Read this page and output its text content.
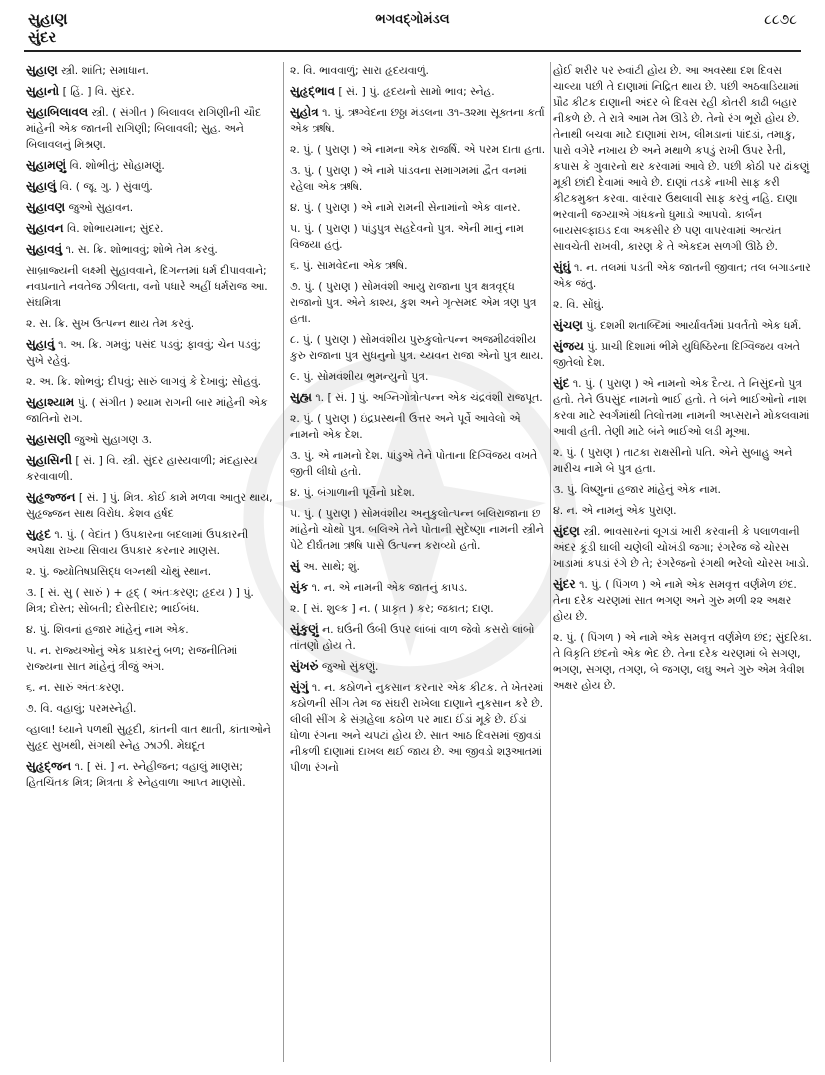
સુહાણ
સુંદર
ભગવદ્ગોમંડલ	૮૮૭૮

સુહાણ સ્ત્રી. શાંતિ; સમાધાન.

સુહાનો [ હિં. ] વિ. સુંદર.

સુહાબિલાવલ સ્ત્રી. ( સંગીત ) બિલાવલ રાગિણીની ચૌદ માંહેની એક જાતની રાગિણી; બિલાવલી; સુહ. અને બિલાવલનું મિશ્રણ.

સુહામણું વિ. શોભીતું; સોહામણું.

સુહાલું વિ. ( જૂ. ગુ. ) સુંવાળું.

સુહાવણ જુઓ સુહાવન.

સુહાવન વિ. શોભાયમાન; સુંદર.

સુહાવવું ૧. સ. ક્રિ. શોભાવવું; શોભે તેમ કરવું.

સાબ્રાજ્યની લક્ષ્મી સુહાવવાને, દિગન્તમાં ધર્મ દીપાવવાને; નવપ્રનાતે નવતેજ ઝીલતા, વનો પધારે અહીં ધર્મરાજ આ. સંઘમિત્રા

૨. સ. ક્રિ. સુખ ઉત્પન્ન થાય તેમ કરવું.

સુહાવું ૧. અ. ક્રિ. ગમવું; પસંદ પડવું; ફાવવું; ચેન પડવું; સુખે રહેવું.

૨. અ. ક્રિ. શોભવું; દીપવું; સારું લાગવું કે દેખાવું; સોહવું.

સુહાશ્યામ પું. ( સંગીત ) શ્યામ રાગની બાર માંહેની એક જાતિનો રાગ.

સુહાસણી જુઓ સુહાગણ ૩.

સુહાસિની [ સં. ] વિ. સ્ત્રી. સુંદર હાસ્યવાળી; મંદહાસ્ય કરવાવાળી.

સુહૃજ્જન [ સં. ] પું. મિત્ર. કોઈ કામે મળવા આતુર થાય, સુહૃજ્જન સાથ વિરોધ. કેશવ હર્ષદ

સુહૃદ ૧. પું. ( વેદાંત ) ઉપકારના બદલામાં ઉપકારની અપેક્ષા રાખ્યા સિવાય ઉપકાર કરનાર માણસ.

૨. પું. જ્યોતિષપ્રસિદ્ધ લગ્નથી ચોથું સ્થાન.

૩. [ સં. સુ ( સારું ) + હૃદ્ ( અંતઃકરણ; હૃદય ) ] પું. મિત્ર; દોસ્ત; સોબતી; દોસ્તીદાર; ભાઈબંધ.

૪. પું. શિવનાં હજાર માંહેનું નામ એક.

૫. ન. રાજ્યઓનું એક પ્રકારનું બળ; રાજનીતિમાં રાજ્યના સાત માંહેનું ત્રીજું અંગ.

૬. ન. સારું અંતઃકરણ.

૭. વિ. વહાલું; પરમસ્નેહી.

વ્હાલા! ધ્યાને પળથી સુહૃદી, કાંતની વાત થાતી, કાંતાઓને સુહૃદ સુખથી, સંગથી સ્નેહ ઝાઝી. મેઘદૂત

સુહૃદ્જન ૧. [ સં. ] ન. સ્નેહીજન; વહાલું માણસ; હિતચિંતક મિત્ર; મિત્રતા કે સ્નેહવાળા આપ્ત માણસો.

૨. વિ. ભાવવાળું; સારા હૃદયવાળું.

સુહૃદ્ભાવ [ સં. ] પું. હૃદયનો સામો ભાવ; સ્નેહ.

સુહોત્ર ૧. પું. ઋગ્વેદના છઠ્ઠા મંડલના ૩૧-૩૨મા સૂક્તના કર્તા એક ઋષિ.

૨. પું. ( પુરાણ ) એ નામના એક રાજર્ષિ. એ પરમ દાતા હતા.

૩. પું. ( પુરાણ ) એ નામે પાંડવના સમાગમમાં દ્વૈત વનમાં રહેલા એક ઋષિ.

૪. પું. ( પુરાણ ) એ નામે રામની સેનામાંનો એક વાનર.

૫. પું. ( પુરાણ ) પાંડુપુત્ર સહદેવનો પુત્ર. એની માનું નામ વિજયા હતું.

૬. પું. સામવેદના એક ઋષિ.

૭. પું. ( પુરાણ ) સોમવંશી આયુ રાજાના પુત્ર ક્ષત્રવૃદ્ધ રાજાનો પુત્ર. એને કાશ્ય, કુશ અને ગૃત્સમદ એમ ત્રણ પુત્ર હતા.

૮. પું. ( પુરાણ ) સોમવંશીય પુરુકુલોત્પન્ન અજમીઢવંશીય કુરુ રાજાના પુત્ર સુધનુનો પુત્ર. ચ્યવન રાજા એનો પુત્ર થાય.

૯. પું. સોમવંશીય ભુમન્યુનો પુત્ર.

સુહ્મ ૧. [ સં. ] પું. અગ્નિગોત્રોત્પન્ન એક ચંદ્રવંશી રાજપૂત.

૨. પું. ( પુરાણ ) ઇંદ્રપ્રસ્થની ઉત્તર અને પૂર્વે આવેલો એ નામનો એક દેશ.

૩. પું. એ નામનો દેશ. પાંડુએ તેને પોતાના દિગ્વિજય વખતે જીતી લીધો હતો.

૪. પું. બંગાળાની પૂર્વેનો પ્રદેશ.

૫. પું. ( પુરાણ ) સોમવંશીય અનુકુલોત્પન્ન બલિરાજાના છ માંહેનો ચોથો પુત્ર. બલિએ તેને પોતાની સુદેષ્ણા નામની સ્ત્રીને પેટે દીર્ઘતમા ઋષિ પાસે ઉત્પન્ન કરાવ્યો હતો.

સું અ. સાથે; શું.

સુંક ૧. ન. એ નામની એક જાતનું કાપડ.

૨. [ સં. શુલ્ક ] ન. ( પ્રાકૃત ) કર; જકાત; દાણ.

સુંકુણું ન. ઘઉંની ઉંબી ઉપર લાંબાં વાળ જેવો કસરો લાંબો તાંતણો હોય તે.

સુંખરું જુઓ સુંકણું.

સુંગું ૧. ન. કઠોળને નુકસાન કરનાર એક કીટક. તે ખેતરમાં કઠોળની સીંગ તેમ જ સંઘરી રાખેલા દાણાને નુકસાન કરે છે. લીલી સીંગ કે સંગ્રહેલા કઠોળ પર માદા ઈંડાં મૂકે છે. ઈંડાં ધોળા રંગના અને ચપટાં હોય છે. સાત આઠ દિવસમાં જીવડાં નીકળી દાણામાં દાખલ થઈ જાય છે. આ જીવડો શરૂઆતમાં પીળા રંગનો

હોઈ શરીર પર રુવાંટી હોય છે. આ અવસ્થા દશ દિવસ ચાલ્યા પછી તે દાણામાં નિદ્રિત થાય છે. પછી અઠવાડિયામાં પ્રૌઢ કીટક દાણાની અંદર બે દિવસ રહી કોતરી કાઢી બહાર નીકળે છે. તે રાત્રે આમ તેમ ઊડે છે. તેનો રંગ ભૂરો હોય છે. તેનાથી બચવા માટે દાણામાં રાખ, લીમડાનાં પાંદડાં, તમાકુ, પારો વગેરે નખાય છે અને મથાળે કપડું રાખી ઉપર રેતી, કપાસ કે ગુવારનો થર કરવામાં આવે છે. પછી કોઠી પર ઢાંકણું મૂકી છાંદી દેવામાં આવે છે. દાણાં તડકે નાખી સાફ કરી કીટકમુક્ત કરવા. વારંવાર ઉથલાવી સાફ કરવું નહિ. દાણા ભરવાની જગ્યાએ ગંધકનો ધુમાડો આપવો. કાર્બન બાયસલ્ફાઇડ દવા અકસીર છે પણ વાપરવામાં અત્યંત સાવચેતી રાખવી, કારણ કે તે એકદમ સળગી ઊઠે છે.

સુંઘું ૧. ન. તલમાં પડતી એક જાતની જીવાત; તલ બગાડનાર એક જંતુ.

૨. વિ. સોંઘું.

સુંચણ પું. દશમી શતાબ્દિમાં આર્યાવર્તમાં પ્રવર્તતો એક ધર્મ.

સુંજય પું. પ્રાચી દિશામાં ભીમે યુધિષ્ઠિરના દિગ્વિજય વખતે જીતેલો દેશ.

સુંદ ૧. પું. ( પુરાણ ) એ નામનો એક દૈત્ય. તે નિસુંદનો પુત્ર હતો. તેને ઉપસુંદ નામનો ભાઈ હતો. તે બંને ભાઈઓનો નાશ કરવા માટે સ્વર્ગમાંથી તિલોત્તમા નામની અપ્સરાને મોકલવામાં આવી હતી. તેણી માટે બંને ભાઈઓ લડી મૂઆ.

૨. પું. ( પુરાણ ) તાટકા રાક્ષસીનો પતિ. એને સુબાહુ અને મારીચ નામે બે પુત્ર હતા.

૩. પું. વિષ્ણુનાં હજાર માંહેનું એક નામ.

૪. ન. એ નામનું એક પુરાણ.

સુંદણ સ્ત્રી. ભાવસારનાં લૂગડાં ખારી કરવાની કે પલાળવાની અંદર કૂંડી ઘાલી ચણેલી ચોખંડી જગા; રંગરેજ જે ચોરસ ખાડામાં કપડાં રંગે છે તે; રંગરેજનો રંગથી ભરેલો ચોરસ ખાડો.

સુંદર ૧. પું. ( પિંગળ ) એ નામે એક સમવૃત્ત વર્ણમેળ છંદ. તેના દરેક ચરણમાં સાત ભગણ અને ગુરુ મળી ૨૨ અક્ષર હોય છે.

૨. પું. ( પિંગળ ) એ નામે એક સમવૃત્ત વર્ણમેળ છંદ; સુંદરિકા. તે વિકૃતિ છંદનો એક ભેદ છે. તેના દરેક ચરણમાં બે સગણ, ભગણ, સગણ, તગણ, બે જગણ, લઘુ અને ગુરુ એમ ત્રેવીશ અક્ષર હોય છે.
